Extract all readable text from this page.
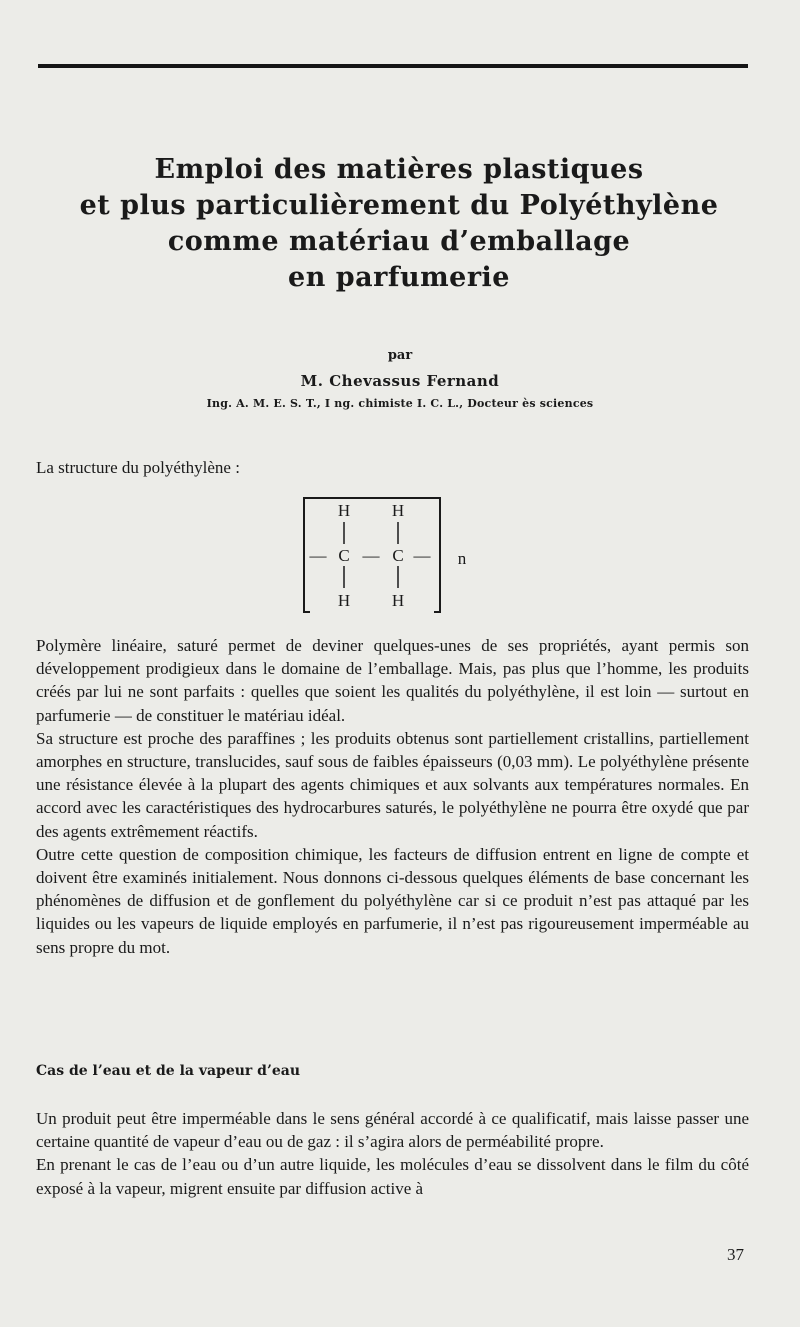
Emploi des matières plastiques
et plus particulièrement du Polyéthylène
comme matériau d’emballage
en parfumerie
par
M. Chevassus Fernand
Ing. A. M. E. S. T., I ng. chimiste I. C. L., Docteur ès sciences
La structure du polyéthylène :
H H
— C — C —
H H
n

Polymère linéaire, saturé permet de deviner quelques-unes de ses propriétés, ayant permis son développement prodigieux dans le domaine de l’emballage. Mais, pas plus que l’homme, les produits créés par lui ne sont parfaits : quelles que soient les qualités du polyéthylène, il est loin — surtout en parfumerie — de constituer le matériau idéal.

Sa structure est proche des paraffines ; les produits obtenus sont partiellement cristallins, partiellement amorphes en structure, translucides, sauf sous de faibles épaisseurs (0,03 mm). Le polyéthylène présente une résistance élevée à la plupart des agents chimiques et aux solvants aux températures normales. En accord avec les caractéristiques des hydrocarbures saturés, le polyéthylène ne pourra être oxydé que par des agents extrêmement réactifs.

Outre cette question de composition chimique, les facteurs de diffusion entrent en ligne de compte et doivent être examinés initialement. Nous donnons ci-dessous quelques éléments de base concernant les phénomènes de diffusion et de gonflement du polyéthylène car si ce produit n’est pas attaqué par les liquides ou les vapeurs de liquide employés en parfumerie, il n’est pas rigoureusement imperméable au sens propre du mot.

Cas de l’eau et de la vapeur d’eau

Un produit peut être imperméable dans le sens général accordé à ce qualificatif, mais laisse passer une certaine quantité de vapeur d’eau ou de gaz : il s’agira alors de perméabilité propre.

En prenant le cas de l’eau ou d’un autre liquide, les molécules d’eau se dissolvent dans le film du côté exposé à la vapeur, migrent ensuite par diffusion active à

37
